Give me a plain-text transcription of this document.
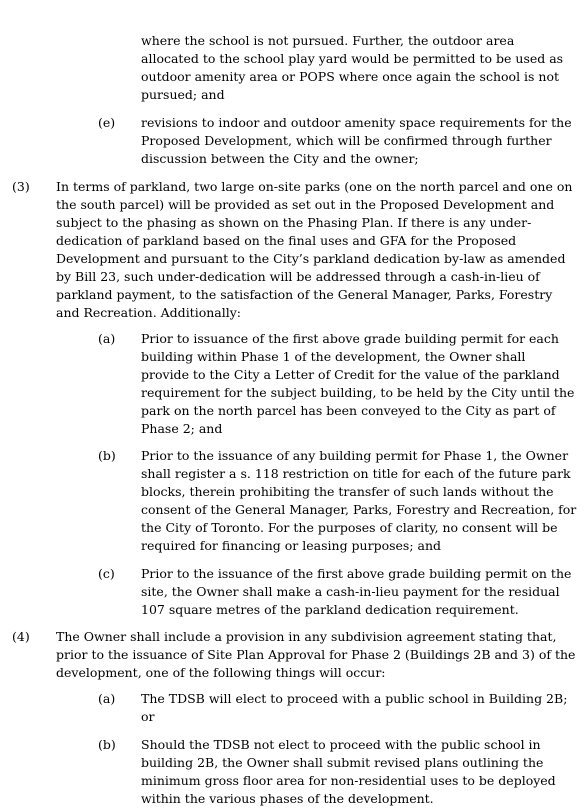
where the school is not pursued. Further, the outdoor area
allocated to the school play yard would be permitted to be used as
outdoor amenity area or POPS where once again the school is not
pursued; and
(e) revisions to indoor and outdoor amenity space requirements for the
Proposed Development, which will be confirmed through further
discussion between the City and the owner;
(3) In terms of parkland, two large on-site parks (one on the north parcel and one on
the south parcel) will be provided as set out in the Proposed Development and
subject to the phasing as shown on the Phasing Plan. If there is any under-
dedication of parkland based on the final uses and GFA for the Proposed
Development and pursuant to the City’s parkland dedication by-law as amended
by Bill 23, such under-dedication will be addressed through a cash-in-lieu of
parkland payment, to the satisfaction of the General Manager, Parks, Forestry
and Recreation. Additionally:
(a) Prior to issuance of the first above grade building permit for each
building within Phase 1 of the development, the Owner shall
provide to the City a Letter of Credit for the value of the parkland
requirement for the subject building, to be held by the City until the
park on the north parcel has been conveyed to the City as part of
Phase 2; and
(b) Prior to the issuance of any building permit for Phase 1, the Owner
shall register a s. 118 restriction on title for each of the future park
blocks, therein prohibiting the transfer of such lands without the
consent of the General Manager, Parks, Forestry and Recreation, for
the City of Toronto. For the purposes of clarity, no consent will be
required for financing or leasing purposes; and
(c) Prior to the issuance of the first above grade building permit on the
site, the Owner shall make a cash-in-lieu payment for the residual
107 square metres of the parkland dedication requirement.
(4) The Owner shall include a provision in any subdivision agreement stating that,
prior to the issuance of Site Plan Approval for Phase 2 (Buildings 2B and 3) of the
development, one of the following things will occur:
(a) The TDSB will elect to proceed with a public school in Building 2B;
or
(b) Should the TDSB not elect to proceed with the public school in
building 2B, the Owner shall submit revised plans outlining the
minimum gross floor area for non-residential uses to be deployed
within the various phases of the development.
